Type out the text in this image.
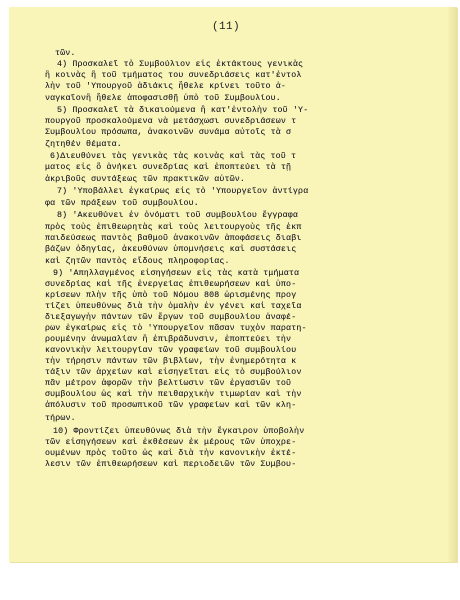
(11)
τῶν.
4) Προσκαλεῖ τὸ Συμβούλιον εἰς ἐκτάκτους γενικὰς
ἢ κοινὰς ἢ τοῦ τμήματος του συνεδριάσεις κατ'ἐντολ
λὴν τοῦ 'Υπουργοῦ ἀδιάκις ἤθελε κρίνει τοῦτο ἀ-
ναγκαῖονἢ ἤθελε ἀποφασισθῇ ὑπὸ τοῦ Συμβουλίου.
5) Προσκαλεῖ τὰ δικαιούμενα ἢ κατ'ἐντολὴν τοῦ 'Υ-
πουργοῦ προσκαλούμενα νὰ μετάσχωσι συνεδριάσεων τ
Συμβουλίου πρόσωπα, ἀνακοινῶν συνάμα αὐτοῖς τὰ σ
ζητηθέν θέματα.
6)Διευθύνει τὰς γενικὰς τὰς κοινὰς καὶ τὰς τοῦ τ
ματος εἰς ὃ ἀνήκει συνεδρίας καὶ ἐποπτεύει τὰ τῇ
ἀκριβοῦς συντάξεως τῶν πρακτικῶν αὐτῶν.
7) 'Υποβάλλει ἐγκαίρως εἰς τὸ 'Υπουργεῖον ἀντίγρα
φα τῶν πράξεων τοῦ συμβουλίου.
8) 'Ακευθύνει ἐν ὀνόματι τοῦ συμβουλίου ἔγγραφα
πρὸς τοὺς ἐπιθεωρητὰς καὶ τοὺς λειτουργοὺς τῆς ἐκπ
παιδεύσεως παντὸς βαθμοῦ ἀνακοινῶν ἀποφάσεις διαβι
βάζων ὁδηγίας, ἀκευθύνων ὑπομνήσεις καὶ συστάσεις
καὶ ζητῶν παντὸς εἴδους πληροφορίας.
9) 'Απηλλαγμένος εἰσηγήσεων εἰς τὰς κατὰ τμήματα
συνεδρίας καὶ τῆς ἐνεργείας ἐπιθεωρήσεων καὶ ὑπο-
κρίσεων πλὴν τῆς ὑπὸ τοῦ Νόμου 808 ὡρισμένης προγ
τίζει ὑπευθύνως διὰ τὴν ὁμαλὴν ἐν γένει καὶ ταχεῖα
διεξαγωγὴν πάντων τῶν ἔργων τοῦ συμβουλίου ἀναφέ-
ρων ἐγκαίρως εἰς τὸ 'Υπουργεῖον πᾶσαν τυχὸν παρατη-
ρουμένην ἀνωμαλίαν ἢ ἐπιβράδυνσιν, ἐποπτεύει τὴν
κανονικὴν λειτουργίαν τῶν γραφείων τοῦ συμβουλίου
τὴν τήρησιν πάντων τῶν βιβλίων, τὴν ἐνημερότητα κ
τάξιν τῶν ἀρχείων καὶ εἰσηγεῖται εἰς τὸ συμβούλιον
πᾶν μέτρον ἀφορῶν τὴν βελτίωσιν τῶν ἐργασιῶν τοῦ
συμβουλίου ὡς καὶ τὴν πειθαρχικὴν τιμωρίαν καὶ τὴν
ἀπόλυσιν τοῦ προσωπικοῦ τῶν γραφείων καὶ τῶν κλη-
τήρων.
10) Φροντίζει ὑπευθύνως διὰ τὴν ἔγκαιρον ὑποβολὴν
τῶν εἰσηγήσεων καὶ ἐκθέσεων ἐκ μέρους τῶν ὑποχρε-
ουμένων πρὸς τοῦτο ὡς καὶ διὰ τὴν κανονικὴν ἐκτέ-
λεσιν τῶν ἐπιθεωρήσεων καὶ περιοδειῶν τῶν Συμβου-
